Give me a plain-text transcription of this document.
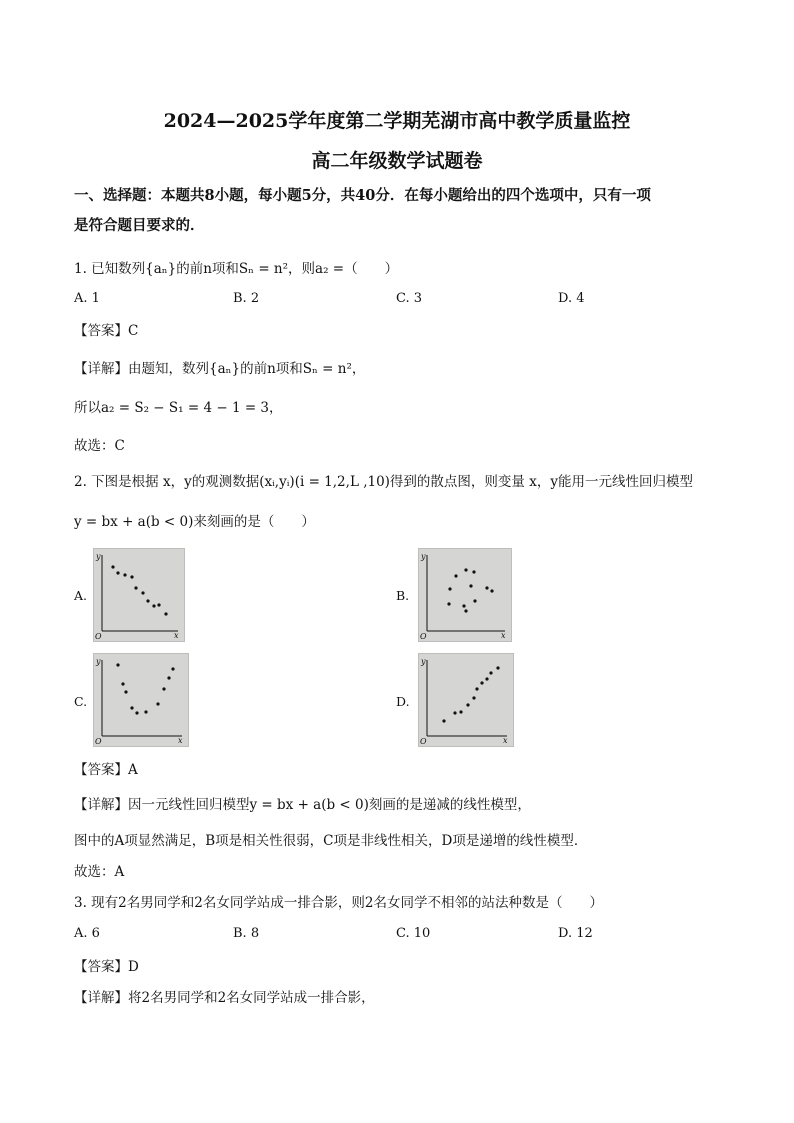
2024—2025学年度第二学期芜湖市高中教学质量监控
高二年级数学试题卷
一、选择题：本题共8小题，每小题5分，共40分．在每小题给出的四个选项中，只有一项
是符合题目要求的．
1. 已知数列{aₙ}的前n项和Sₙ = n²，则a₂ =（　　）
A. 1	B. 2	C. 3	D. 4
【答案】C
【详解】由题知，数列{aₙ}的前n项和Sₙ = n²，
所以a₂ = S₂ − S₁ = 4 − 1 = 3，
故选：C
2. 下图是根据 x，y的观测数据(xᵢ,yᵢ)(i = 1,2,L ,10)得到的散点图，则变量 x，y能用一元线性回归模型
y = bx + a(b < 0)来刻画的是（　　）
A.
y
x
O
B.
y
x
O
C.
y
x
O
D.
y
x
O
【答案】A
【详解】因一元线性回归模型y = bx + a(b < 0)刻画的是递减的线性模型，
图中的A项显然满足，B项是相关性很弱，C项是非线性相关，D项是递增的线性模型．
故选：A
3. 现有2名男同学和2名女同学站成一排合影，则2名女同学不相邻的站法种数是（　　）
A. 6	B. 8	C. 10	D. 12
【答案】D
【详解】将2名男同学和2名女同学站成一排合影，
